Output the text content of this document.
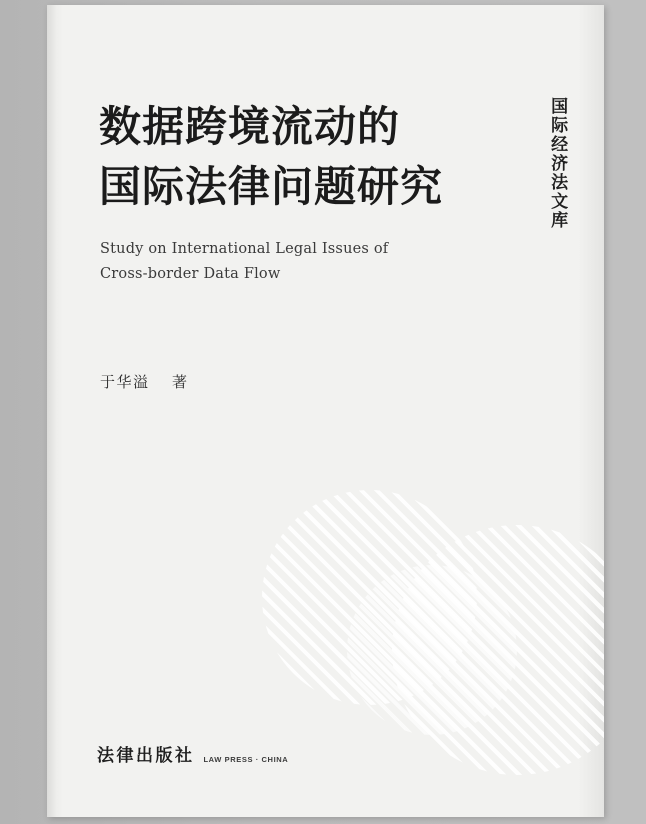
数据跨境流动的
国际法律问题研究

Study on International Legal Issues of

Cross-border Data Flow

于华溢 著
国际经济法文库
法律出版社 LAW PRESS · CHINA
